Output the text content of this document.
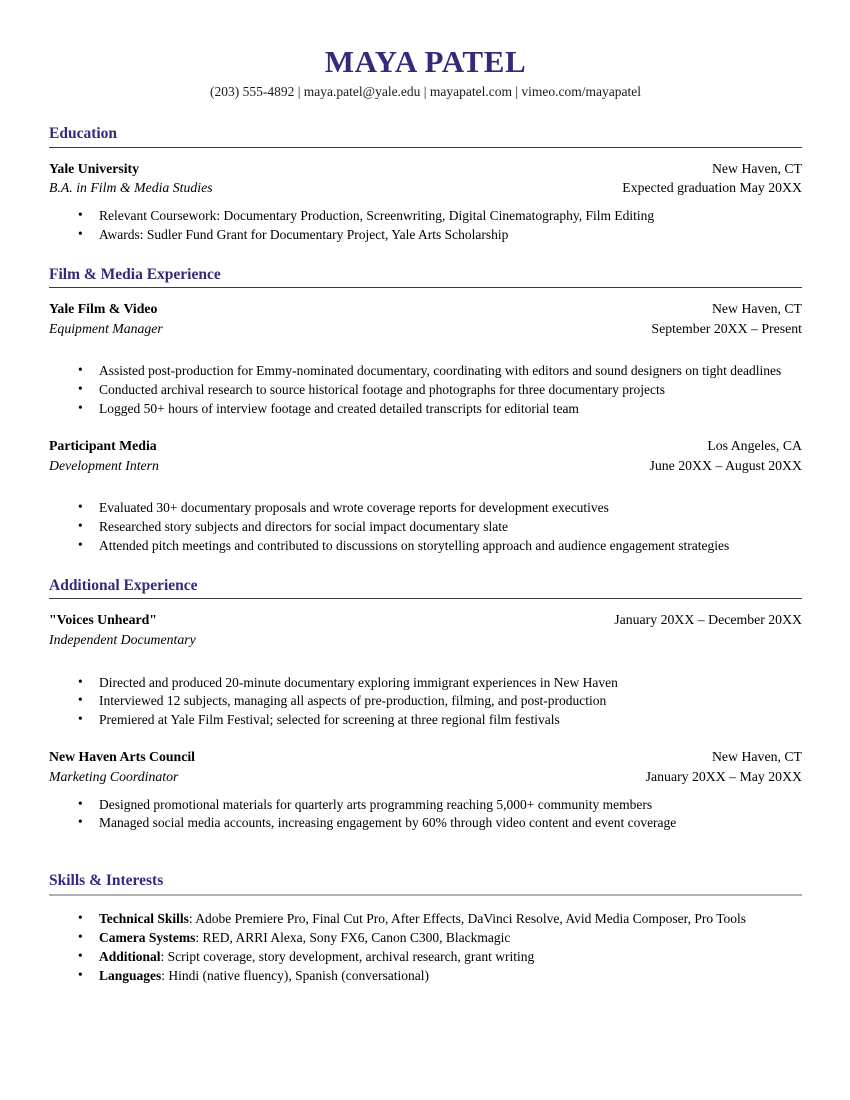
MAYA PATEL
(203) 555-4892 | maya.patel@yale.edu | mayapatel.com | vimeo.com/mayapatel
Education
Yale University	New Haven, CT
B.A. in Film & Media Studies	Expected graduation May 20XX
• Relevant Coursework: Documentary Production, Screenwriting, Digital Cinematography, Film Editing
• Awards: Sudler Fund Grant for Documentary Project, Yale Arts Scholarship
Film & Media Experience
Yale Film & Video	New Haven, CT
Equipment Manager	September 20XX – Present
• Assisted post-production for Emmy-nominated documentary, coordinating with editors and sound designers on tight deadlines
• Conducted archival research to source historical footage and photographs for three documentary projects
• Logged 50+ hours of interview footage and created detailed transcripts for editorial team
Participant Media	Los Angeles, CA
Development Intern	June 20XX – August 20XX
• Evaluated 30+ documentary proposals and wrote coverage reports for development executives
• Researched story subjects and directors for social impact documentary slate
• Attended pitch meetings and contributed to discussions on storytelling approach and audience engagement strategies
Additional Experience
"Voices Unheard"	January 20XX – December 20XX
Independent Documentary
• Directed and produced 20-minute documentary exploring immigrant experiences in New Haven
• Interviewed 12 subjects, managing all aspects of pre-production, filming, and post-production
• Premiered at Yale Film Festival; selected for screening at three regional film festivals
New Haven Arts Council	New Haven, CT
Marketing Coordinator	January 20XX – May 20XX
• Designed promotional materials for quarterly arts programming reaching 5,000+ community members
• Managed social media accounts, increasing engagement by 60% through video content and event coverage
Skills & Interests
• Technical Skills: Adobe Premiere Pro, Final Cut Pro, After Effects, DaVinci Resolve, Avid Media Composer, Pro Tools
• Camera Systems: RED, ARRI Alexa, Sony FX6, Canon C300, Blackmagic
• Additional: Script coverage, story development, archival research, grant writing
• Languages: Hindi (native fluency), Spanish (conversational)
